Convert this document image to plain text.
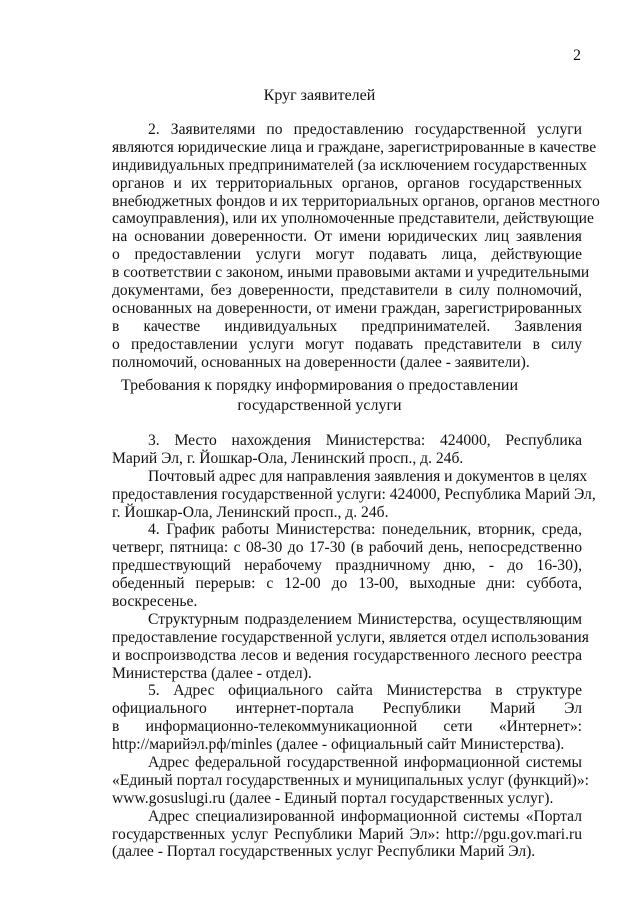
2
Круг заявителей
2. Заявителями по предоставлению государственной услуги
являются юридические лица и граждане, зарегистрированные в качестве
индивидуальных предпринимателей (за исключением государственных
органов и их территориальных органов, органов государственных
внебюджетных фондов и их территориальных органов, органов местного
самоуправления), или их уполномоченные представители, действующие
на основании доверенности. От имени юридических лиц заявления
о предоставлении услуги могут подавать лица, действующие
в соответствии с законом, иными правовыми актами и учредительными
документами, без доверенности, представители в силу полномочий,
основанных на доверенности, от имени граждан, зарегистрированных
в качестве индивидуальных предпринимателей. Заявления
о предоставлении услуги могут подавать представители в силу
полномочий, основанных на доверенности (далее - заявители).
Требования к порядку информирования о предоставлении
государственной услуги
3. Место нахождения Министерства: 424000, Республика
Марий Эл, г. Йошкар-Ола, Ленинский просп., д. 24б.
Почтовый адрес для направления заявления и документов в целях
предоставления государственной услуги: 424000, Республика Марий Эл,
г. Йошкар-Ола, Ленинский просп., д. 24б.
4. График работы Министерства: понедельник, вторник, среда,
четверг, пятница: с 08-30 до 17-30 (в рабочий день, непосредственно
предшествующий нерабочему праздничному дню, - до 16-30),
обеденный перерыв: с 12-00 до 13-00, выходные дни: суббота,
воскресенье.
Структурным подразделением Министерства, осуществляющим
предоставление государственной услуги, является отдел использования
и воспроизводства лесов и ведения государственного лесного реестра
Министерства (далее - отдел).
5. Адрес официального сайта Министерства в структуре
официального интернет-портала Республики Марий Эл
в информационно-телекоммуникационной сети «Интернет»:
http://марийэл.рф/minles (далее - официальный сайт Министерства).
Адрес федеральной государственной информационной системы
«Единый портал государственных и муниципальных услуг (функций)»:
www.gosuslugi.ru (далее - Единый портал государственных услуг).
Адрес специализированной информационной системы «Портал
государственных услуг Республики Марий Эл»: http://pgu.gov.mari.ru
(далее - Портал государственных услуг Республики Марий Эл).
